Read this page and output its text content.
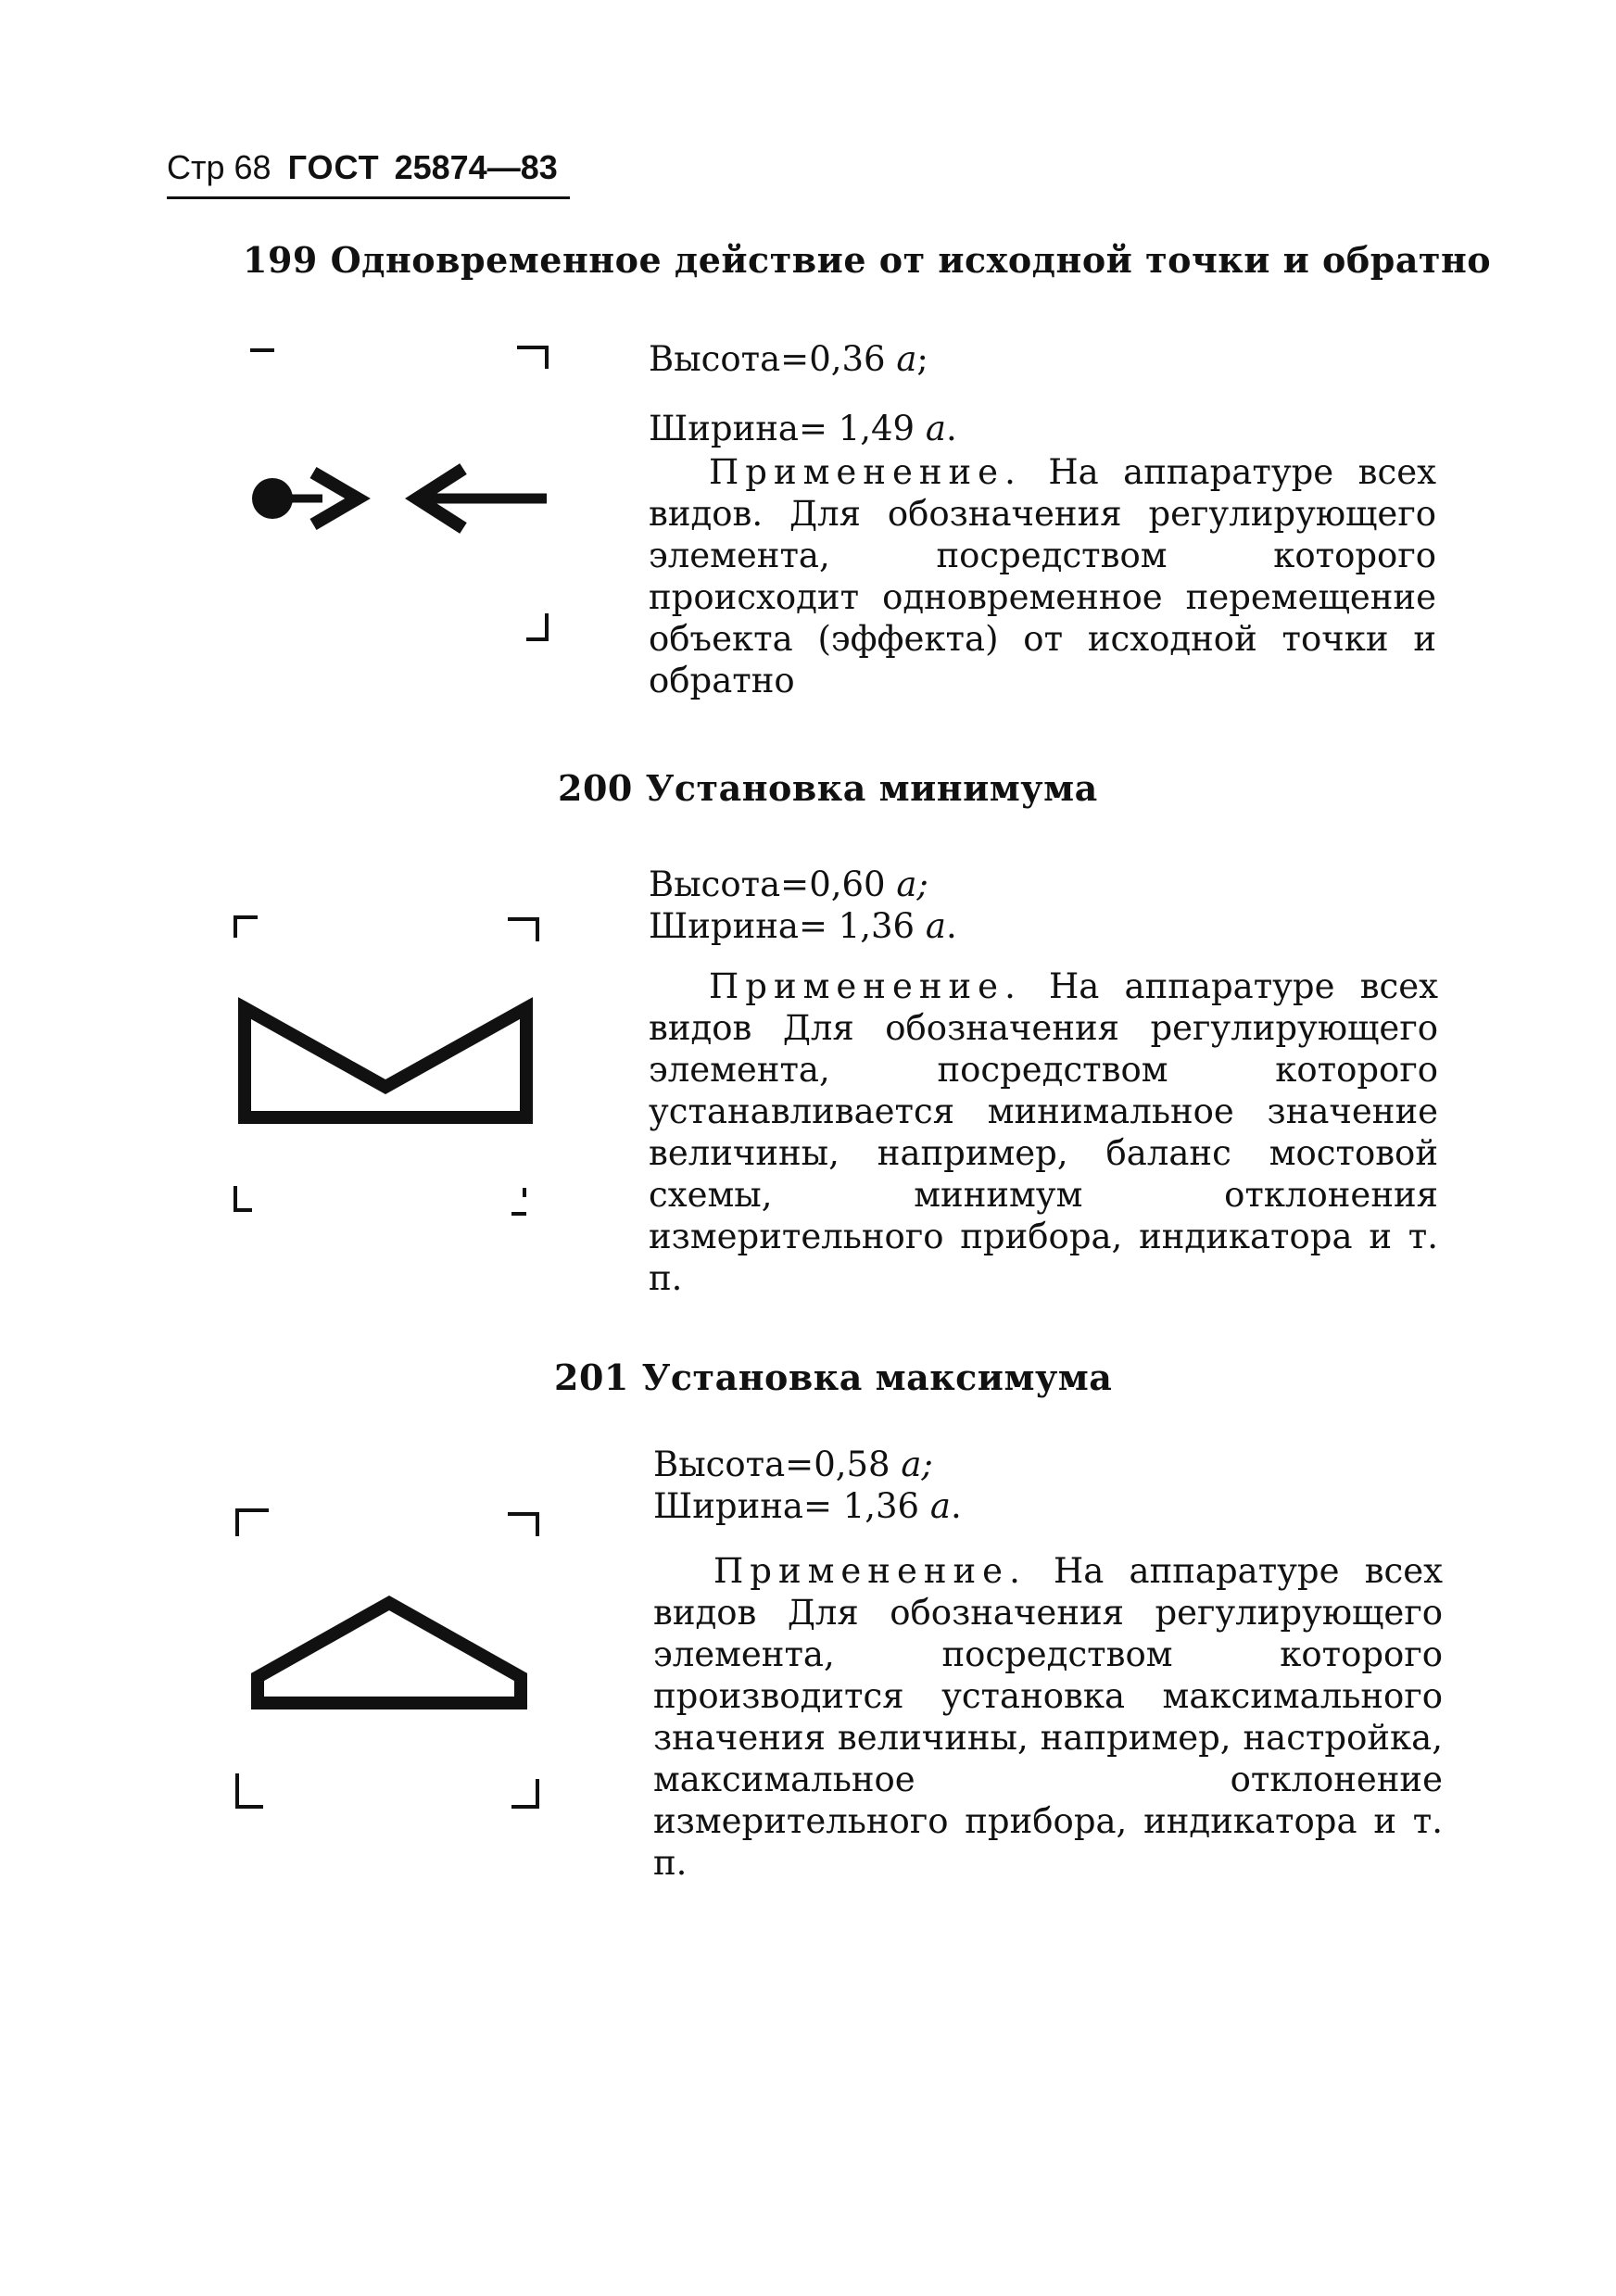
Стр 68 ГОСТ 25874—83
199 Одновременное действие от исходной точки и обратно
Высота=0,36 а;
Ширина= 1,49 а.
Применение. На аппаратуре всех видов. Для обозначения регулирующего элемента, посредством которого происходит одновременное перемещение объекта (эффекта) от исходной точки и обратно
200 Установка минимума
Высота=0,60 а;
Ширина= 1,36 а.
Применение. На аппаратуре всех видов Для обозначения регулирующего элемента, посредством которого устанавливается минимальное значение величины, например, баланс мостовой схемы, минимум отклонения измерительного прибора, индикатора и т. п.
201 Установка максимума
Высота=0,58 а;
Ширина= 1,36 а.
Применение. На аппаратуре всех видов Для обозначения регулирующего элемента, посредством которого производится установка максимального значения величины, например, настройка, максимальное отклонение измерительного прибора, индикатора и т. п.
